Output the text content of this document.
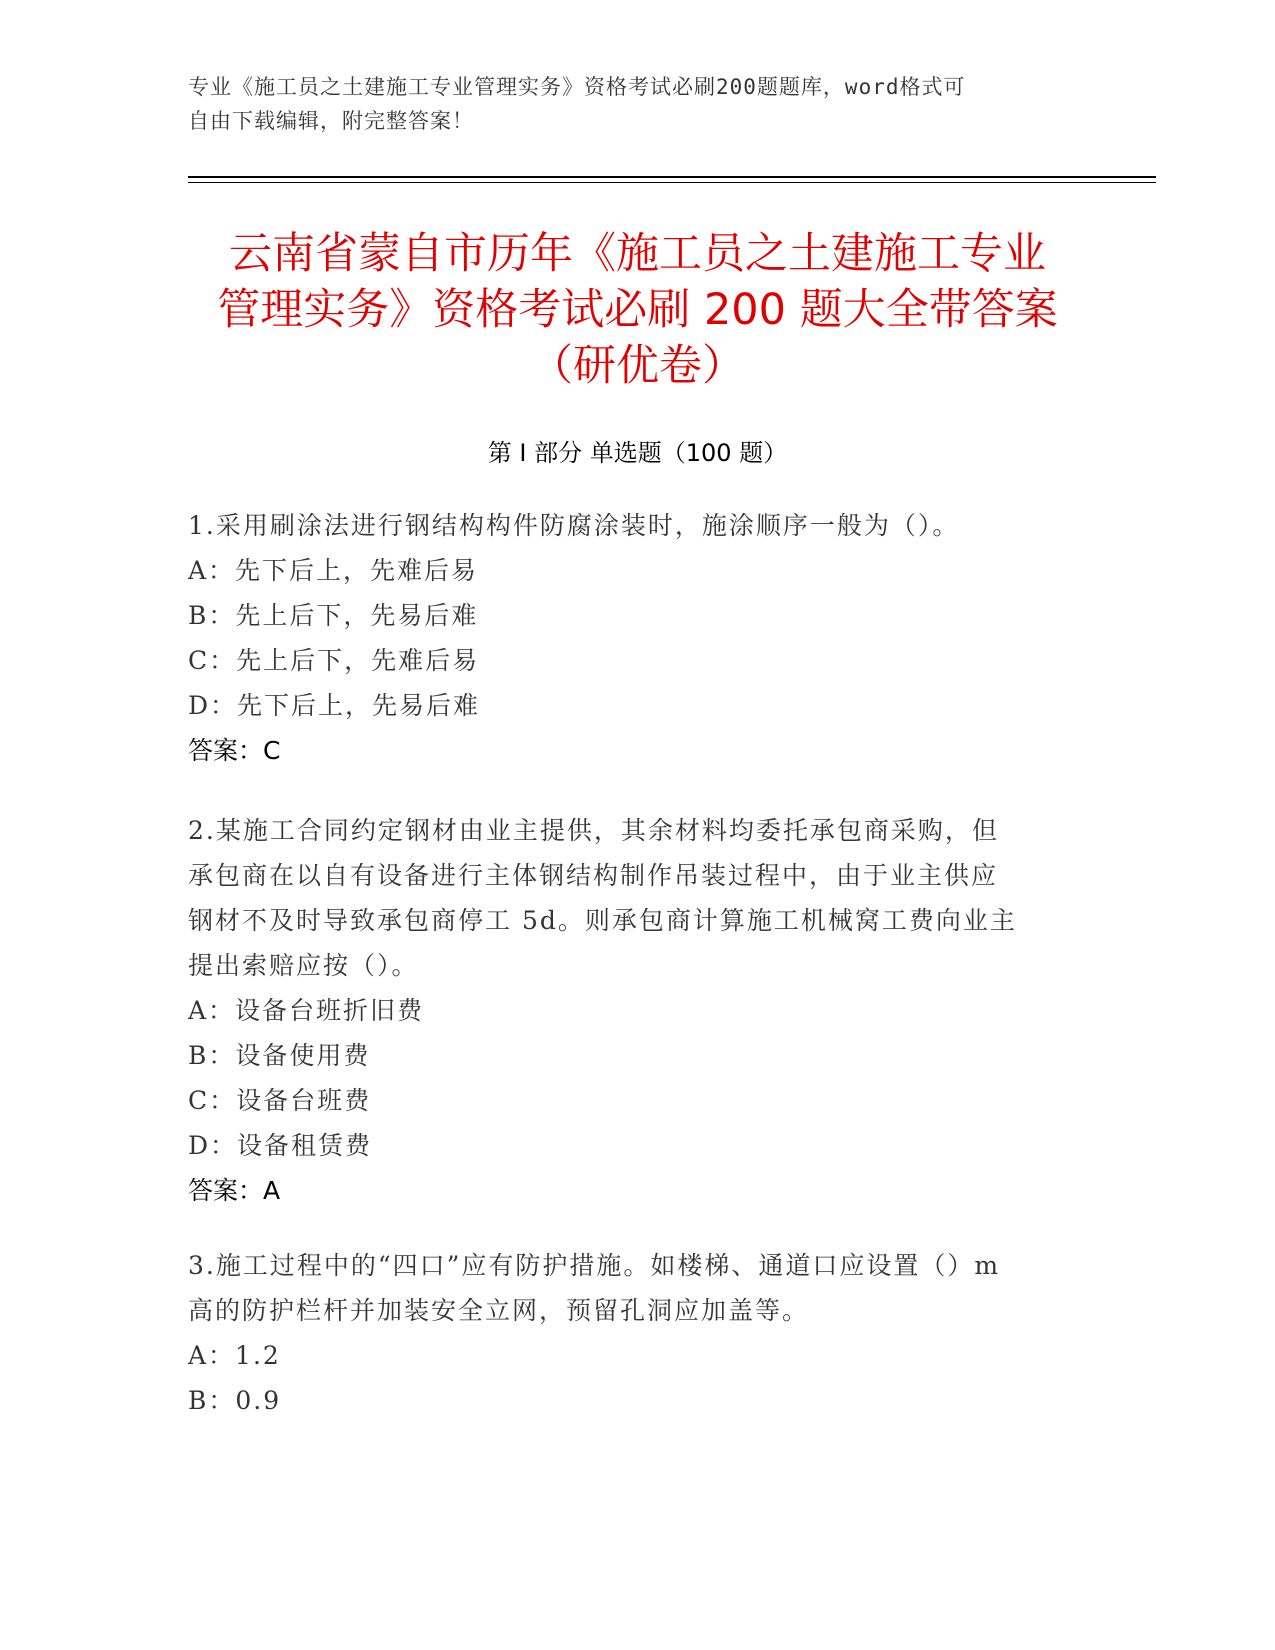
专业《施工员之土建施工专业管理实务》资格考试必刷200题题库，word格式可
自由下载编辑，附完整答案！
云南省蒙自市历年《施工员之土建施工专业
管理实务》资格考试必刷 200 题大全带答案
（研优卷）
第 I 部分 单选题（100 题）
1.采用刷涂法进行钢结构构件防腐涂装时，施涂顺序一般为（）。
A：先下后上，先难后易
B：先上后下，先易后难
C：先上后下，先难后易
D：先下后上，先易后难
答案：C
2.某施工合同约定钢材由业主提供，其余材料均委托承包商采购，但
承包商在以自有设备进行主体钢结构制作吊装过程中，由于业主供应
钢材不及时导致承包商停工 5d。则承包商计算施工机械窝工费向业主
提出索赔应按（）。
A：设备台班折旧费
B：设备使用费
C：设备台班费
D：设备租赁费
答案：A
3.施工过程中的“四口”应有防护措施。如楼梯、通道口应设置（）m
高的防护栏杆并加装安全立网，预留孔洞应加盖等。
A：1.2
B：0.9
